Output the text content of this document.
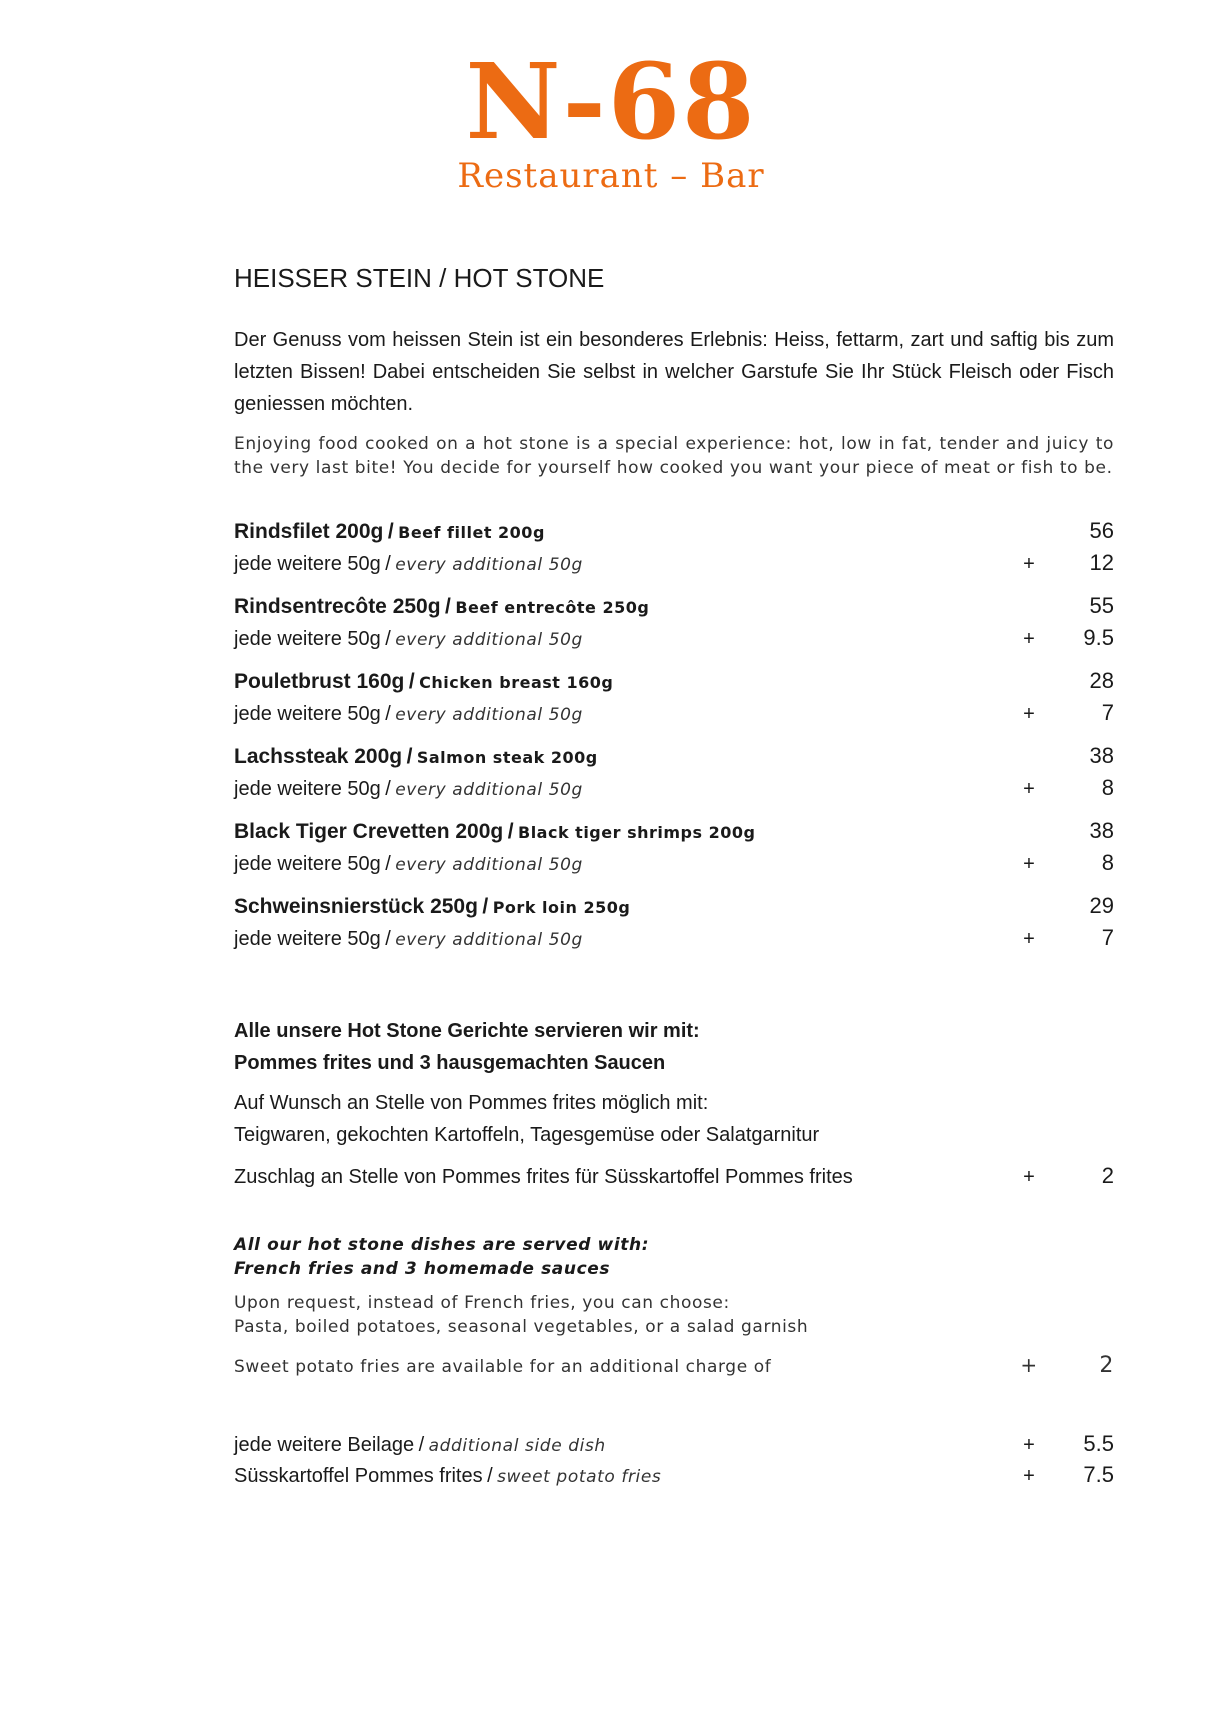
N-68
Restaurant – Bar
HEISSER STEIN / HOT STONE

Der Genuss vom heissen Stein ist ein besonderes Erlebnis: Heiss, fettarm, zart und saftig bis zum letzten Bissen! Dabei entscheiden Sie selbst in welcher Garstufe Sie Ihr Stück Fleisch oder Fisch geniessen möchten.

Enjoying food cooked on a hot stone is a special experience: hot, low in fat, tender and juicy to the very last bite! You decide for yourself how cooked you want your piece of meat or fish to be.

Rindsfilet 200g / Beef fillet 200g	56
jede weitere 50g / every additional 50g	+	12
Rindsentrecôte 250g / Beef entrecôte 250g	55
jede weitere 50g / every additional 50g	+	9.5
Pouletbrust 160g / Chicken breast 160g	28
jede weitere 50g / every additional 50g	+	7
Lachssteak 200g / Salmon steak 200g	38
jede weitere 50g / every additional 50g	+	8
Black Tiger Crevetten 200g / Black tiger shrimps 200g	38
jede weitere 50g / every additional 50g	+	8
Schweinsnierstück 250g / Pork loin 250g	29
jede weitere 50g / every additional 50g	+	7
Alle unsere Hot Stone Gerichte servieren wir mit:
Pommes frites und 3 hausgemachten Saucen
Auf Wunsch an Stelle von Pommes frites möglich mit:
Teigwaren, gekochten Kartoffeln, Tagesgemüse oder Salatgarnitur
Zuschlag an Stelle von Pommes frites für Süsskartoffel Pommes frites	+	2
All our hot stone dishes are served with:
French fries and 3 homemade sauces
Upon request, instead of French fries, you can choose:
Pasta, boiled potatoes, seasonal vegetables, or a salad garnish
Sweet potato fries are available for an additional charge of	+	2
jede weitere Beilage / additional side dish	+	5.5
Süsskartoffel Pommes frites / sweet potato fries	+	7.5
